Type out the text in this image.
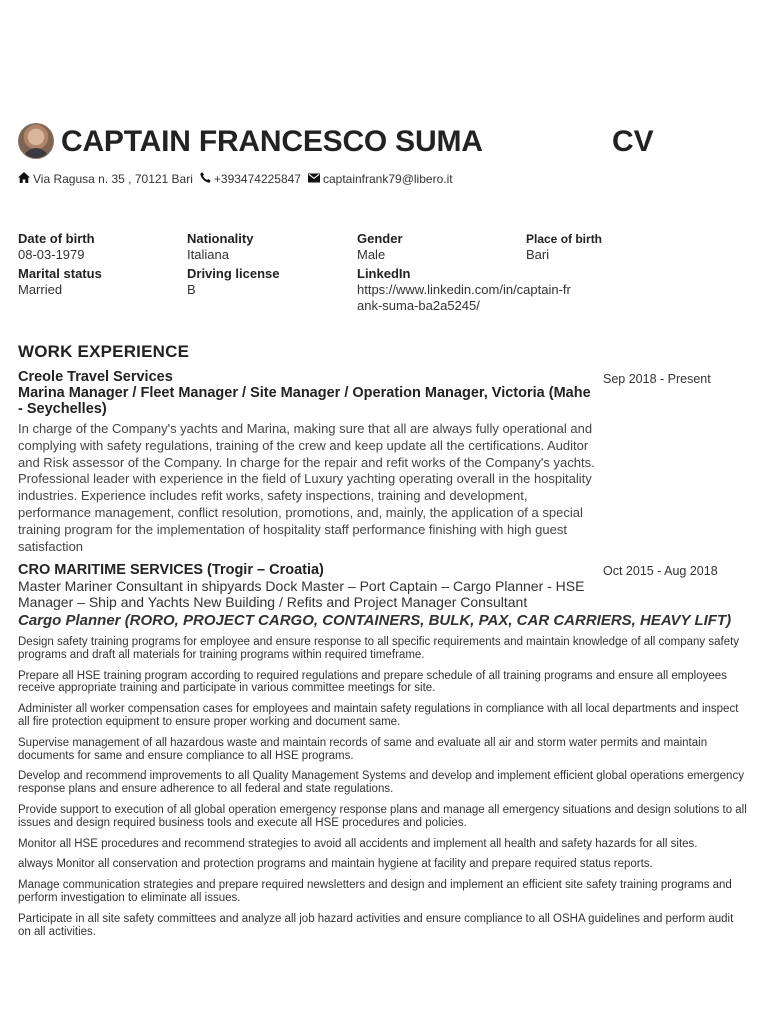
CAPTAIN FRANCESCO SUMA	CV
Via Ragusa n. 35 , 70121 Bari +393474225847 captainfrank79@libero.it
Date of birth
08-03-1979
Nationality
Italiana
Gender
Male
Place of birth
Bari
Marital status
Married
Driving license
B
LinkedIn
https://www.linkedin.com/in/captain-frank-suma-ba2a5245/
WORK EXPERIENCE
Creole Travel Services
Marina Manager / Fleet Manager / Site Manager / Operation Manager, Victoria (Mahe - Seychelles)
In charge of the Company's yachts and Marina, making sure that all are always fully operational and complying with safety regulations, training of the crew and keep update all the certifications. Auditor and Risk assessor of the Company. In charge for the repair and refit works of the Company's yachts. Professional leader with experience in the field of Luxury yachting operating overall in the hospitality industries. Experience includes refit works, safety inspections, training and development, performance management, conflict resolution, promotions, and, mainly, the application of a special training program for the implementation of hospitality staff performance finishing with high guest satisfaction
Sep 2018 - Present
CRO MARITIME SERVICES (Trogir – Croatia)
Master Mariner Consultant in shipyards Dock Master – Port Captain – Cargo Planner - HSE Manager – Ship and Yachts New Building / Refits and Project Manager Consultant
Cargo Planner (RORO, PROJECT CARGO, CONTAINERS, BULK, PAX, CAR CARRIERS, HEAVY LIFT)
Oct 2015 - Aug 2018

Design safety training programs for employee and ensure response to all specific requirements and maintain knowledge of all company safety programs and draft all materials for training programs within required timeframe.

Prepare all HSE training program according to required regulations and prepare schedule of all training programs and ensure all employees receive appropriate training and participate in various committee meetings for site.

Administer all worker compensation cases for employees and maintain safety regulations in compliance with all local departments and inspect all fire protection equipment to ensure proper working and document same.

Supervise management of all hazardous waste and maintain records of same and evaluate all air and storm water permits and maintain documents for same and ensure compliance to all HSE programs.

Develop and recommend improvements to all Quality Management Systems and develop and implement efficient global operations emergency response plans and ensure adherence to all federal and state regulations.

Provide support to execution of all global operation emergency response plans and manage all emergency situations and design solutions to all issues and design required business tools and execute all HSE procedures and policies.

Monitor all HSE procedures and recommend strategies to avoid all accidents and implement all health and safety hazards for all sites.

always Monitor all conservation and protection programs and maintain hygiene at facility and prepare required status reports.

Manage communication strategies and prepare required newsletters and design and implement an efficient site safety training programs and perform investigation to eliminate all issues.

Participate in all site safety committees and analyze all job hazard activities and ensure compliance to all OSHA guidelines and perform audit on all activities.
